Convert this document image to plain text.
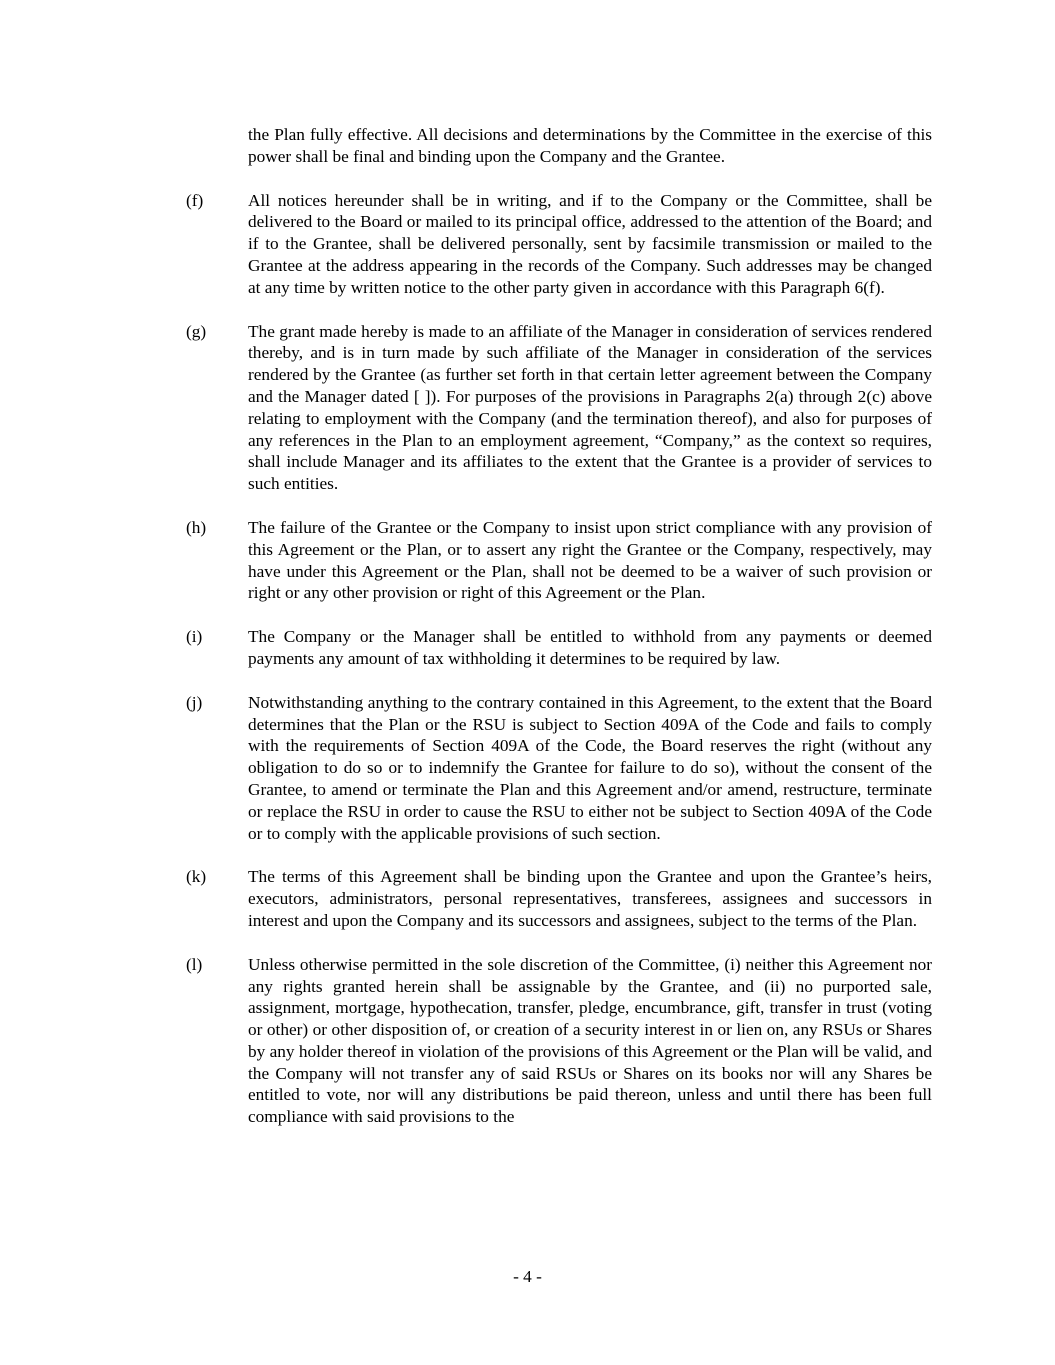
the Plan fully effective. All decisions and determinations by the Committee in the exercise of this power shall be final and binding upon the Company and the Grantee.
(f)	All notices hereunder shall be in writing, and if to the Company or the Committee, shall be delivered to the Board or mailed to its principal office, addressed to the attention of the Board; and if to the Grantee, shall be delivered personally, sent by facsimile transmission or mailed to the Grantee at the address appearing in the records of the Company. Such addresses may be changed at any time by written notice to the other party given in accordance with this Paragraph 6(f).
(g)	The grant made hereby is made to an affiliate of the Manager in consideration of services rendered thereby, and is in turn made by such affiliate of the Manager in consideration of the services rendered by the Grantee (as further set forth in that certain letter agreement between the Company and the Manager dated [ ]). For purposes of the provisions in Paragraphs 2(a) through 2(c) above relating to employment with the Company (and the termination thereof), and also for purposes of any references in the Plan to an employment agreement, “Company,” as the context so requires, shall include Manager and its affiliates to the extent that the Grantee is a provider of services to such entities.
(h)	The failure of the Grantee or the Company to insist upon strict compliance with any provision of this Agreement or the Plan, or to assert any right the Grantee or the Company, respectively, may have under this Agreement or the Plan, shall not be deemed to be a waiver of such provision or right or any other provision or right of this Agreement or the Plan.
(i)	The Company or the Manager shall be entitled to withhold from any payments or deemed payments any amount of tax withholding it determines to be required by law.
(j)	Notwithstanding anything to the contrary contained in this Agreement, to the extent that the Board determines that the Plan or the RSU is subject to Section 409A of the Code and fails to comply with the requirements of Section 409A of the Code, the Board reserves the right (without any obligation to do so or to indemnify the Grantee for failure to do so), without the consent of the Grantee, to amend or terminate the Plan and this Agreement and/or amend, restructure, terminate or replace the RSU in order to cause the RSU to either not be subject to Section 409A of the Code or to comply with the applicable provisions of such section.
(k)	The terms of this Agreement shall be binding upon the Grantee and upon the Grantee’s heirs, executors, administrators, personal representatives, transferees, assignees and successors in interest and upon the Company and its successors and assignees, subject to the terms of the Plan.
(l)	Unless otherwise permitted in the sole discretion of the Committee, (i) neither this Agreement nor any rights granted herein shall be assignable by the Grantee, and (ii) no purported sale, assignment, mortgage, hypothecation, transfer, pledge, encumbrance, gift, transfer in trust (voting or other) or other disposition of, or creation of a security interest in or lien on, any RSUs or Shares by any holder thereof in violation of the provisions of this Agreement or the Plan will be valid, and the Company will not transfer any of said RSUs or Shares on its books nor will any Shares be entitled to vote, nor will any distributions be paid thereon, unless and until there has been full compliance with said provisions to the
- 4 -
